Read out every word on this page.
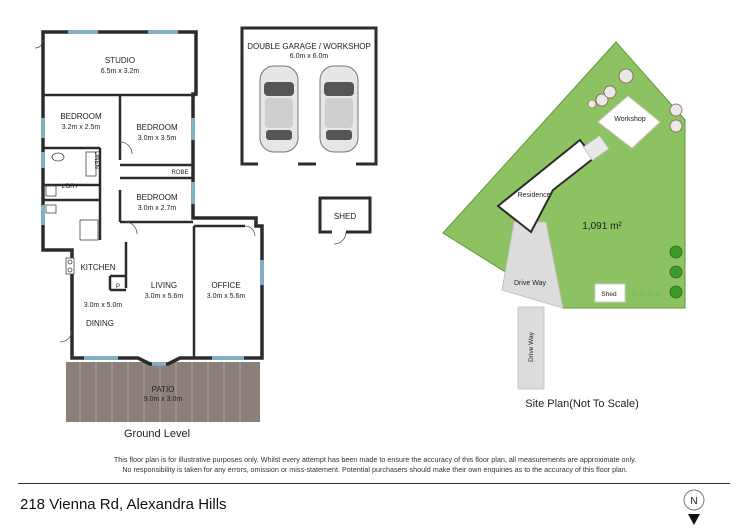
STUDIO
6.5m x 3.2m
BEDROOM
3.2m x 2.5m	BEDROOM
3.0m x 3.5m
BEDROOM
3.0m x 2.7m
KITCHEN
LIVING
3.0m x 5.6m
OFFICE
3.0m x 5.6m
3.0m x 5.0m
DINING
PATIO
9.0m x 3.0m
L'DRY
ROBE
P
LINEN
Ground Level
DOUBLE GARAGE / WORKSHOP
6.0m x 6.0m
SHED
Residence
Workshop
1,091 m²
Drive Way
Drive Way
Shed
Site Plan(Not To Scale)
This floor plan is for illustrative purposes only. Whilst every attempt has been made to ensure the accuracy of this floor plan, all measurements are approximate only.
No responsibility is taken for any errors, omission or miss-statement. Potential purchasers should make their own enquiries as to the accuracy of this floor plan.
218 Vienna Rd, Alexandra Hills	N
